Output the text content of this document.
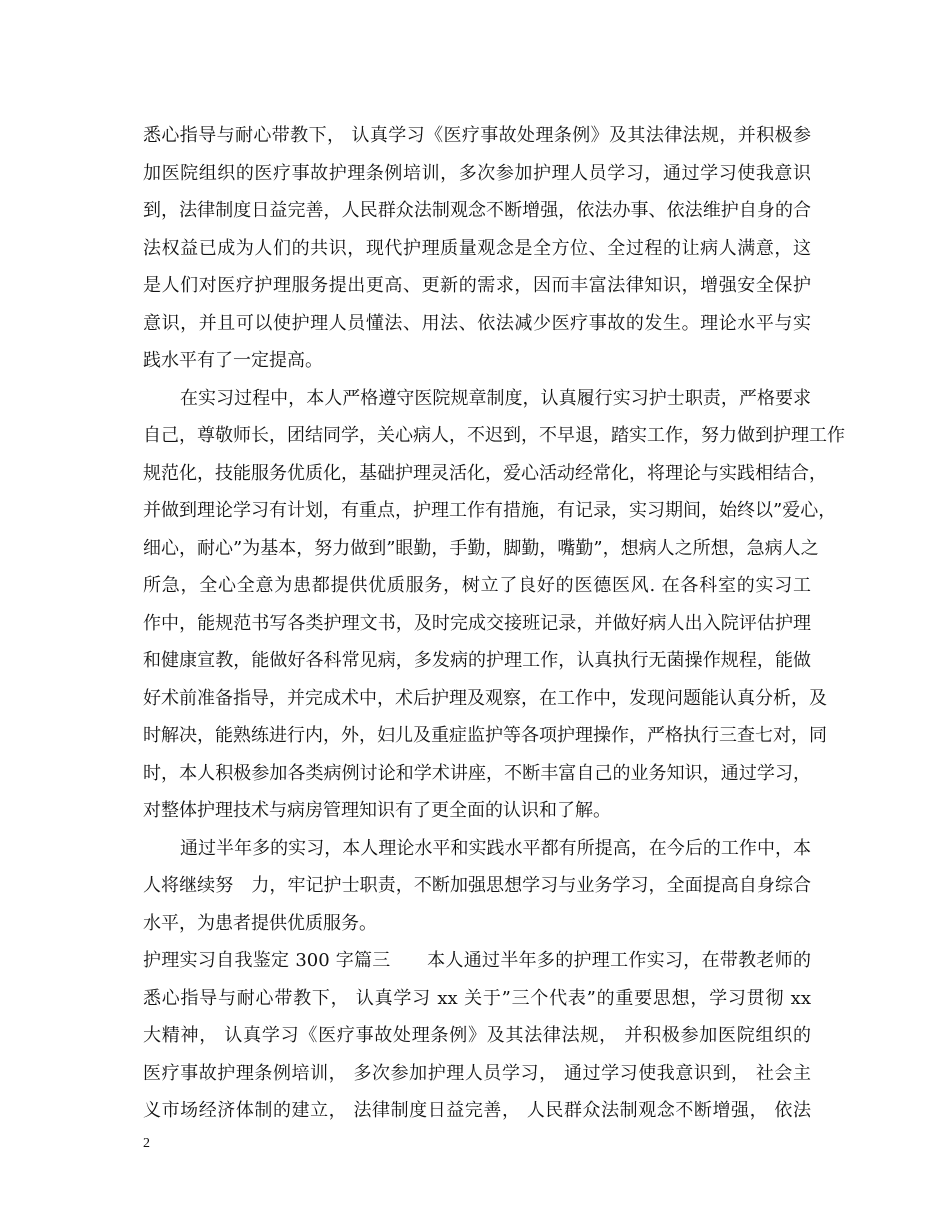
悉心指导与耐心带教下， 认真学习《医疗事故处理条例》及其法律法规，并积极参
加医院组织的医疗事故护理条例培训，多次参加护理人员学习，通过学习使我意识
到，法律制度日益完善，人民群众法制观念不断增强，依法办事、依法维护自身的合
法权益已成为人们的共识，现代护理质量观念是全方位、全过程的让病人满意，这
是人们对医疗护理服务提出更高、更新的需求，因而丰富法律知识，增强安全保护
意识，并且可以使护理人员懂法、用法、依法减少医疗事故的发生。理论水平与实
践水平有了一定提高。
在实习过程中，本人严格遵守医院规章制度，认真履行实习护士职责，严格要求
自己，尊敬师长，团结同学，关心病人，不迟到，不早退，踏实工作，努力做到护理工作
规范化，技能服务优质化，基础护理灵活化，爱心活动经常化，将理论与实践相结合，
并做到理论学习有计划，有重点，护理工作有措施，有记录，实习期间，始终以”爱心，
细心，耐心”为基本，努力做到”眼勤，手勤，脚勤，嘴勤”，想病人之所想，急病人之
所急，全心全意为患都提供优质服务，树立了良好的医德医风. 在各科室的实习工
作中，能规范书写各类护理文书，及时完成交接班记录，并做好病人出入院评估护理
和健康宣教，能做好各科常见病，多发病的护理工作，认真执行无菌操作规程，能做
好术前准备指导，并完成术中，术后护理及观察，在工作中，发现问题能认真分析，及
时解决，能熟练进行内，外，妇儿及重症监护等各项护理操作，严格执行三查七对，同
时，本人积极参加各类病例讨论和学术讲座，不断丰富自己的业务知识，通过学习，
对整体护理技术与病房管理知识有了更全面的认识和了解。
通过半年多的实习，本人理论水平和实践水平都有所提高，在今后的工作中，本
人将继续努　力，牢记护士职责，不断加强思想学习与业务学习，全面提高自身综合
水平，为患者提供优质服务。
护理实习自我鉴定 300 字篇三　　本人通过半年多的护理工作实习，在带教老师的
悉心指导与耐心带教下， 认真学习 xx 关于”三个代表”的重要思想，学习贯彻 xx
大精神， 认真学习《医疗事故处理条例》及其法律法规， 并积极参加医院组织的
医疗事故护理条例培训， 多次参加护理人员学习， 通过学习使我意识到， 社会主
义市场经济体制的建立， 法律制度日益完善， 人民群众法制观念不断增强， 依法
2
